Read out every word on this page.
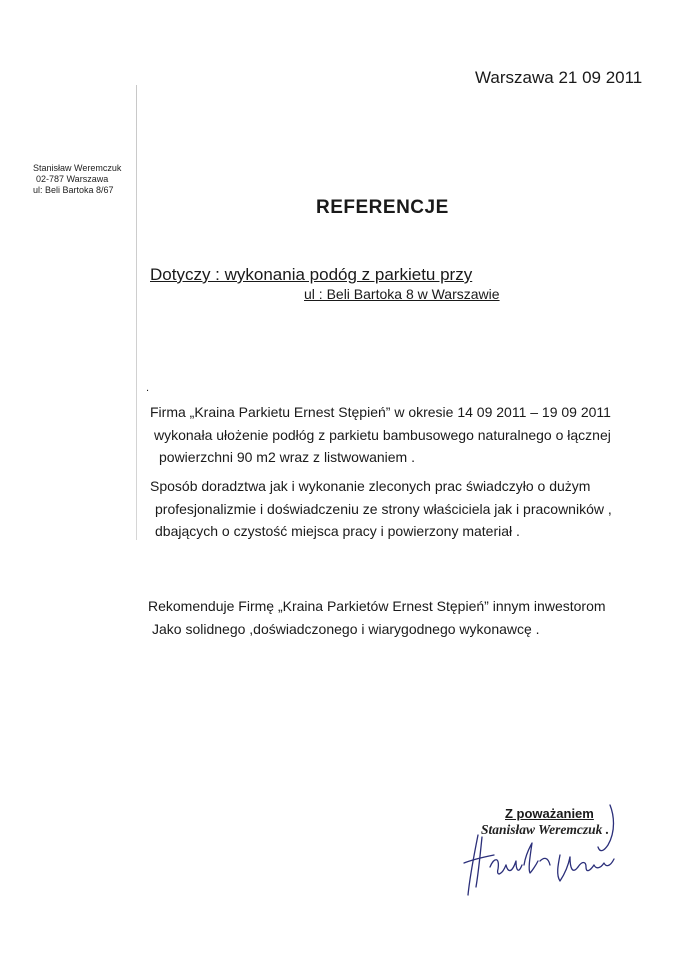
Warszawa 21 09 2011
Stanisław Weremczuk
02-787 Warszawa
ul: Beli Bartoka 8/67
REFERENCJE
Dotyczy : wykonania podóg z parkietu przy
ul : Beli Bartoka 8 w Warszawie
.
Firma „Kraina Parkietu Ernest Stępień” w okresie 14 09 2011 – 19 09 2011
wykonała ułożenie podłóg z parkietu bambusowego naturalnego o łącznej
powierzchni 90 m2 wraz z listwowaniem .
Sposób doradztwa jak i wykonanie zleconych prac świadczyło o dużym
profesjonalizmie i doświadczeniu ze strony właściciela jak i pracowników ,
dbających o czystość miejsca pracy i powierzony materiał .
Rekomenduje Firmę „Kraina Parkietów Ernest Stępień” innym inwestorom
Jako solidnego ,doświadczonego i wiarygodnego wykonawcę .
Z poważaniem
Stanisław Weremczuk .
